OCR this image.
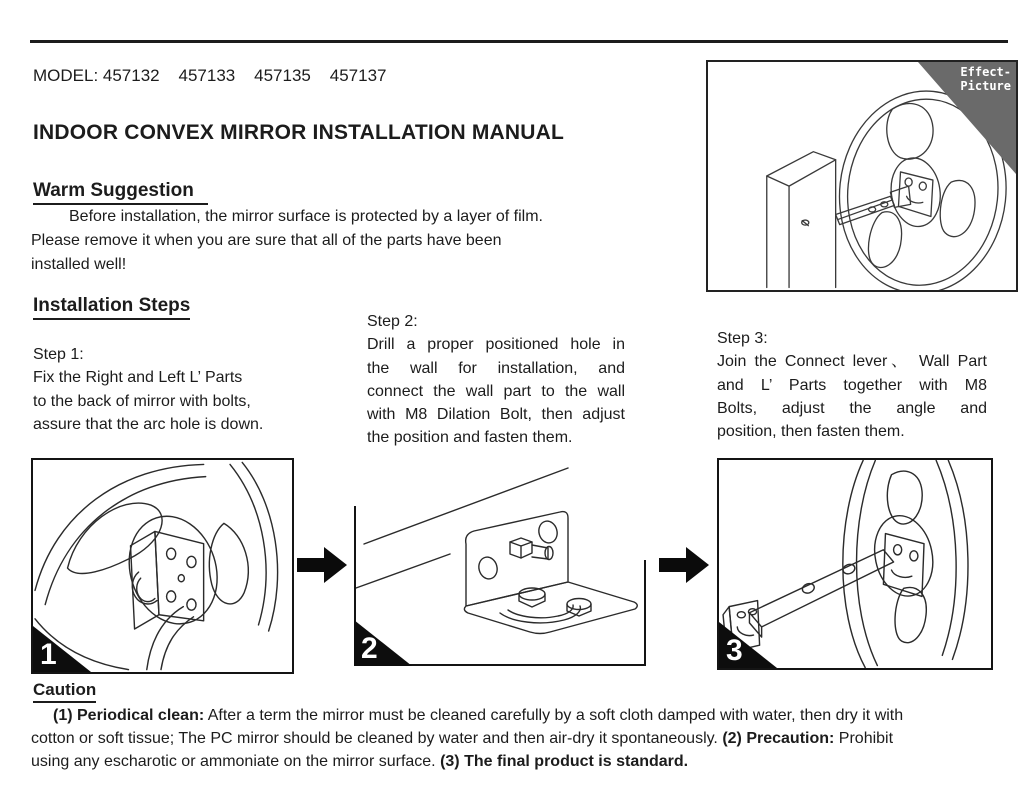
MODEL: 457132    457133    457135    457137
INDOOR CONVEX MIRROR INSTALLATION MANUAL
Warm Suggestion
Before installation, the mirror surface is protected by a layer of film.
Please remove it when you are sure that all of the parts have been
installed well!
Installation Steps
Step 1:
Fix the Right and Left L’ Parts
to the back of mirror with bolts,
assure that the arc hole is down.
Step 2:
Drill a proper positioned hole in
the wall for installation, and
connect the wall part to the wall
with M8 Dilation Bolt, then adjust
the position and fasten them.
Step 3:
Join the Connect lever、 Wall Part
and L’ Parts together with M8
Bolts, adjust the angle and
position, then fasten them.
Effect-
Picture
1	2	3
Caution
(1) Periodical clean: After a term the mirror must be cleaned carefully by a soft cloth damped with water, then dry it with
cotton or soft tissue; The PC mirror should be cleaned by water and then air-dry it spontaneously. (2) Precaution: Prohibit
using any escharotic or ammoniate on the mirror surface. (3) The final product is standard.
